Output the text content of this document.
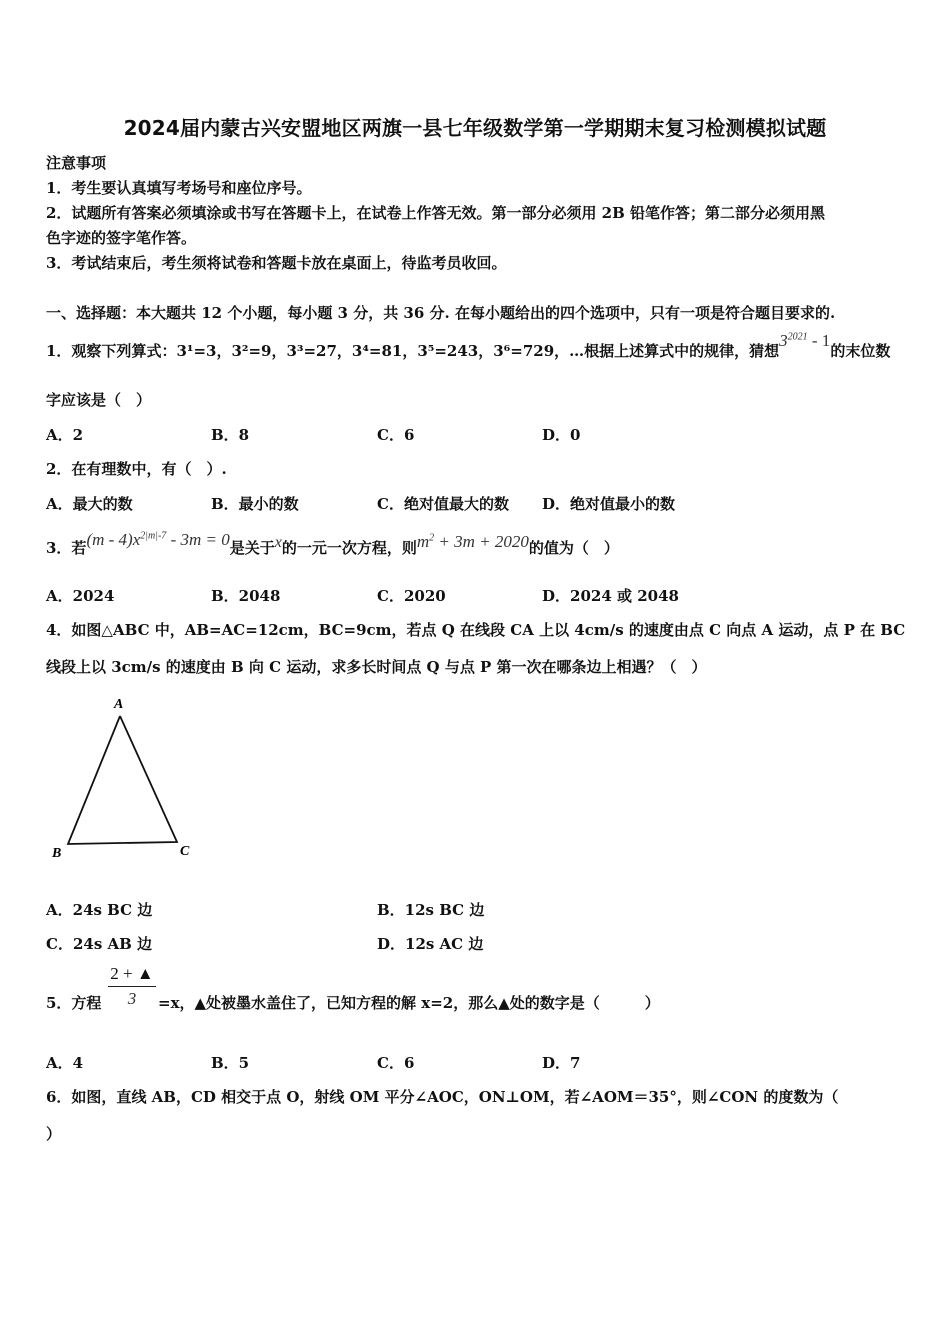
2024届内蒙古兴安盟地区两旗一县七年级数学第一学期期末复习检测模拟试题
注意事项
1．考生要认真填写考场号和座位序号。
2．试题所有答案必须填涂或书写在答题卡上，在试卷上作答无效。第一部分必须用 2B 铅笔作答；第二部分必须用黑
色字迹的签字笔作答。
3．考试结束后，考生须将试卷和答题卡放在桌面上，待监考员收回。
一、选择题：本大题共 12 个小题，每小题 3 分，共 36 分. 在每小题给出的四个选项中，只有一项是符合题目要求的.
1．观察下列算式：3¹=3，3²=9，3³=27，3⁴=81，3⁵=243，3⁶=729，…根据上述算式中的规律，猜想$3^{2021} - 1$的末位数
字应该是（　）
A．2	B．8	C．6	D．0
2．在有理数中，有（　）.
A．最大的数	B．最小的数	C．绝对值最大的数 D．绝对值最小的数
3．若$(m - 4)x^{2|m|-7} - 3m = 0$是关于x的一元一次方程，则$m^2 + 3m + 2020$的值为（　）
A．2024	B．2048	C．2020	D．2024 或 2048
4．如图△ABC 中，AB=AC=12cm，BC=9cm，若点 Q 在线段 CA 上以 4cm/s 的速度由点 C 向点 A 运动，点 P 在 BC
线段上以 3cm/s 的速度由 B 向 C 运动，求多长时间点 Q 与点 P 第一次在哪条边上相遇？（　）
A
B	C
A．24s BC 边	B．12s BC 边
C．24s AB 边	D．12s AC 边
5．方程 $\frac{2 + ▲}{3} =x$，▲处被墨水盖住了，已知方程的解 x=2，那么▲处的数字是（　　　）
A．4	B．5	C．6	D．7
6．如图，直线 AB，CD 相交于点 O，射线 OM 平分∠AOC，ON⊥OM，若∠AOM＝35°，则∠CON 的度数为（
）
